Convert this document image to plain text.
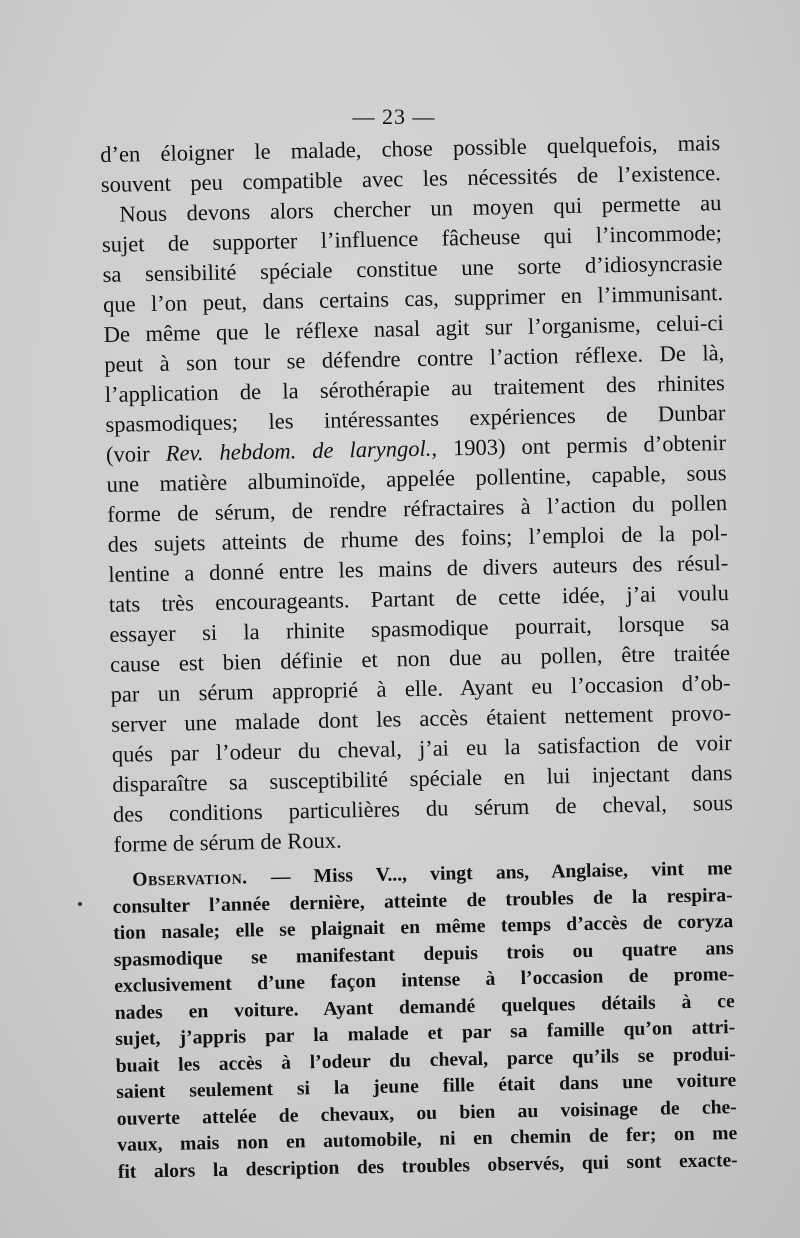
— 23 —
d’en éloigner le malade, chose possible quelquefois, mais
souvent peu compatible avec les nécessités de l’existence.
Nous devons alors chercher un moyen qui permette au
sujet de supporter l’influence fâcheuse qui l’incommode;
sa sensibilité spéciale constitue une sorte d’idiosyncrasie
que l’on peut, dans certains cas, supprimer en l’immunisant.
De même que le réflexe nasal agit sur l’organisme, celui-ci
peut à son tour se défendre contre l’action réflexe. De là,
l’application de la sérothérapie au traitement des rhinites
spasmodiques; les intéressantes expériences de Dunbar
(voir Rev. hebdom. de laryngol., 1903) ont permis d’obtenir
une matière albuminoïde, appelée pollentine, capable, sous
forme de sérum, de rendre réfractaires à l’action du pollen
des sujets atteints de rhume des foins; l’emploi de la pol-
lentine a donné entre les mains de divers auteurs des résul-
tats très encourageants. Partant de cette idée, j’ai voulu
essayer si la rhinite spasmodique pourrait, lorsque sa
cause est bien définie et non due au pollen, être traitée
par un sérum approprié à elle. Ayant eu l’occasion d’ob-
server une malade dont les accès étaient nettement provo-
qués par l’odeur du cheval, j’ai eu la satisfaction de voir
disparaître sa susceptibilité spéciale en lui injectant dans
des conditions particulières du sérum de cheval, sous
forme de sérum de Roux.
Observation. — Miss V..., vingt ans, Anglaise, vint me
consulter l’année dernière, atteinte de troubles de la respira-
tion nasale; elle se plaignait en même temps d’accès de coryza
spasmodique se manifestant depuis trois ou quatre ans
exclusivement d’une façon intense à l’occasion de prome-
nades en voiture. Ayant demandé quelques détails à ce
sujet, j’appris par la malade et par sa famille qu’on attri-
buait les accès à l’odeur du cheval, parce qu’ils se produi-
saient seulement si la jeune fille était dans une voiture
ouverte attelée de chevaux, ou bien au voisinage de che-
vaux, mais non en automobile, ni en chemin de fer; on me
fit alors la description des troubles observés, qui sont exacte-
